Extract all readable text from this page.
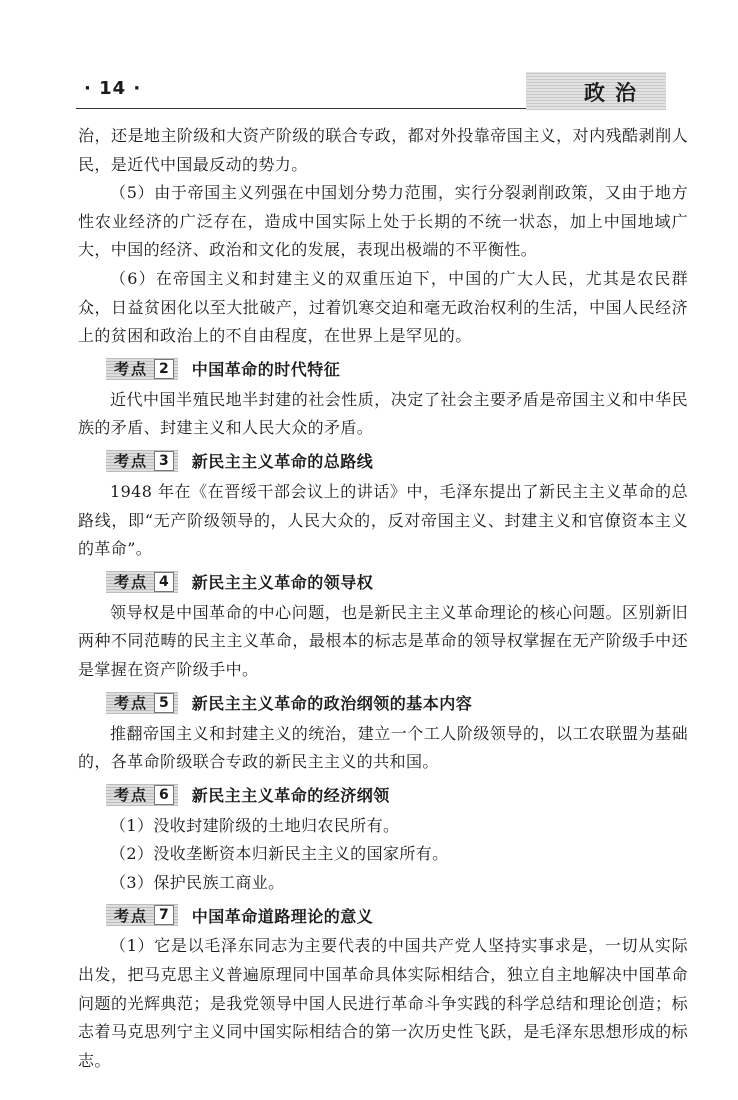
· 14 ·	政治

治，还是地主阶级和大资产阶级的联合专政，都对外投靠帝国主义，对内残酷剥削人民，是近代中国最反动的势力。

（5）由于帝国主义列强在中国划分势力范围，实行分裂剥削政策，又由于地方性农业经济的广泛存在，造成中国实际上处于长期的不统一状态，加上中国地域广大，中国的经济、政治和文化的发展，表现出极端的不平衡性。

（6）在帝国主义和封建主义的双重压迫下，中国的广大人民，尤其是农民群众，日益贫困化以至大批破产，过着饥寒交迫和毫无政治权利的生活，中国人民经济上的贫困和政治上的不自由程度，在世界上是罕见的。

考点 2	中国革命的时代特征

近代中国半殖民地半封建的社会性质，决定了社会主要矛盾是帝国主义和中华民族的矛盾、封建主义和人民大众的矛盾。

考点 3	新民主主义革命的总路线

1948 年在《在晋绥干部会议上的讲话》中，毛泽东提出了新民主主义革命的总路线，即“无产阶级领导的，人民大众的，反对帝国主义、封建主义和官僚资本主义的革命”。

考点 4	新民主主义革命的领导权

领导权是中国革命的中心问题，也是新民主主义革命理论的核心问题。区别新旧两种不同范畴的民主主义革命，最根本的标志是革命的领导权掌握在无产阶级手中还是掌握在资产阶级手中。

考点 5	新民主主义革命的政治纲领的基本内容

推翻帝国主义和封建主义的统治，建立一个工人阶级领导的，以工农联盟为基础的，各革命阶级联合专政的新民主主义的共和国。

考点 6	新民主主义革命的经济纲领

（1）没收封建阶级的土地归农民所有。

（2）没收垄断资本归新民主主义的国家所有。

（3）保护民族工商业。

考点 7	中国革命道路理论的意义

（1）它是以毛泽东同志为主要代表的中国共产党人坚持实事求是，一切从实际出发，把马克思主义普遍原理同中国革命具体实际相结合，独立自主地解决中国革命问题的光辉典范；是我党领导中国人民进行革命斗争实践的科学总结和理论创造；标志着马克思列宁主义同中国实际相结合的第一次历史性飞跃，是毛泽东思想形成的标志。
